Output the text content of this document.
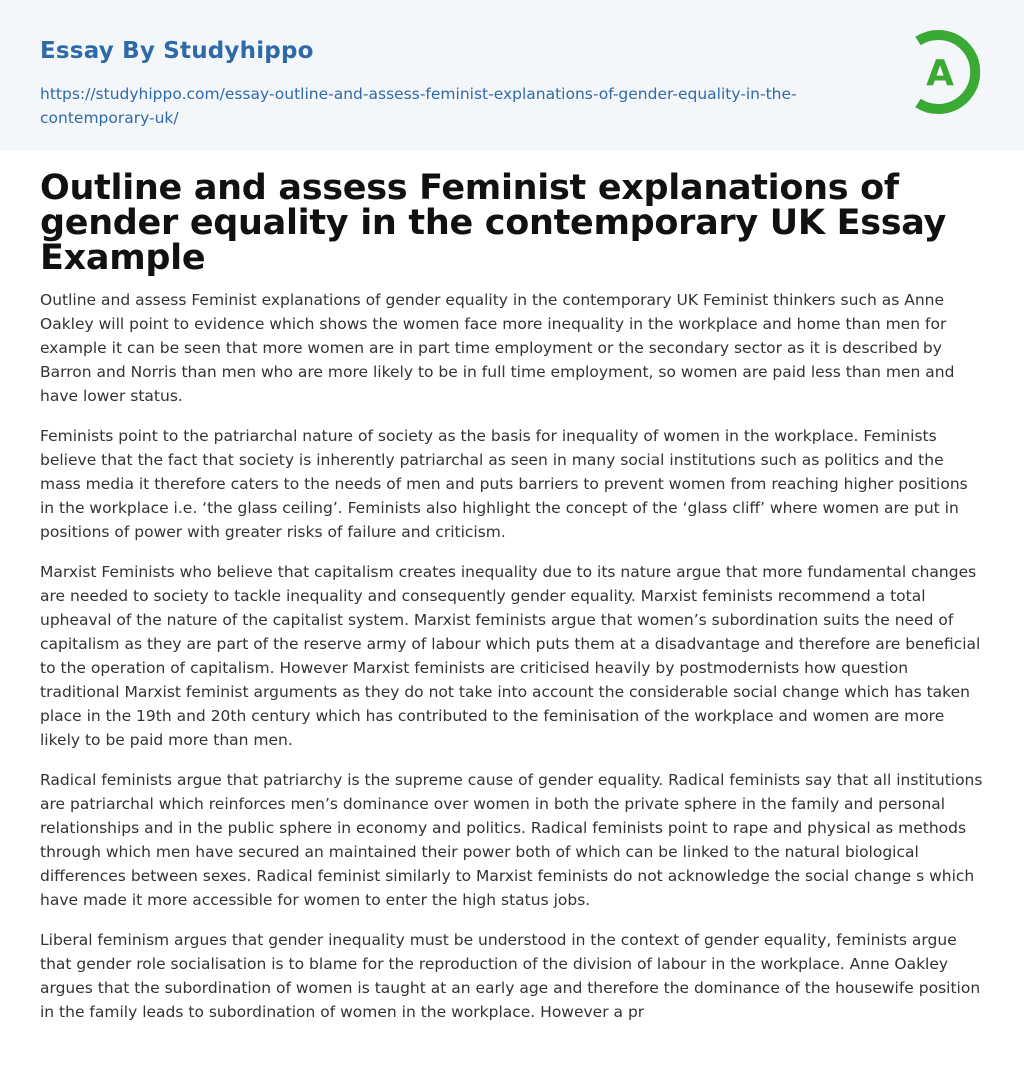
Essay By Studyhippo
https://studyhippo.com/essay-outline-and-assess-feminist-explanations-of-gender-equality-in-the-contemporary-uk/
A
Outline and assess Feminist explanations of gender equality in the contemporary UK Essay Example

Outline and assess Feminist explanations of gender equality in the contemporary UK Feminist thinkers such as Anne Oakley will point to evidence which shows the women face more inequality in the workplace and home than men for example it can be seen that more women are in part time employment or the secondary sector as it is described by Barron and Norris than men who are more likely to be in full time employment, so women are paid less than men and have lower status.

Feminists point to the patriarchal nature of society as the basis for inequality of women in the workplace. Feminists believe that the fact that society is inherently patriarchal as seen in many social institutions such as politics and the mass media it therefore caters to the needs of men and puts barriers to prevent women from reaching higher positions in the workplace i.e. ‘the glass ceiling’. Feminists also highlight the concept of the ‘glass cliff’ where women are put in positions of power with greater risks of failure and criticism.

Marxist Feminists who believe that capitalism creates inequality due to its nature argue that more fundamental changes are needed to society to tackle inequality and consequently gender equality. Marxist feminists recommend a total upheaval of the nature of the capitalist system. Marxist feminists argue that women’s subordination suits the need of capitalism as they are part of the reserve army of labour which puts them at a disadvantage and therefore are beneficial to the operation of capitalism. However Marxist feminists are criticised heavily by postmodernists how question traditional Marxist feminist arguments as they do not take into account the considerable social change which has taken place in the 19th and 20th century which has contributed to the feminisation of the workplace and women are more likely to be paid more than men.

Radical feminists argue that patriarchy is the supreme cause of gender equality. Radical feminists say that all institutions are patriarchal which reinforces men’s dominance over women in both the private sphere in the family and personal relationships and in the public sphere in economy and politics. Radical feminists point to rape and physical as methods through which men have secured an maintained their power both of which can be linked to the natural biological differences between sexes. Radical feminist similarly to Marxist feminists do not acknowledge the social change s which have made it more accessible for women to enter the high status jobs.

Liberal feminism argues that gender inequality must be understood in the context of gender equality, feminists argue that gender role socialisation is to blame for the reproduction of the division of labour in the workplace. Anne Oakley argues that the subordination of women is taught at an early age and therefore the dominance of the housewife position in the family leads to subordination of women in the workplace. However a pr
